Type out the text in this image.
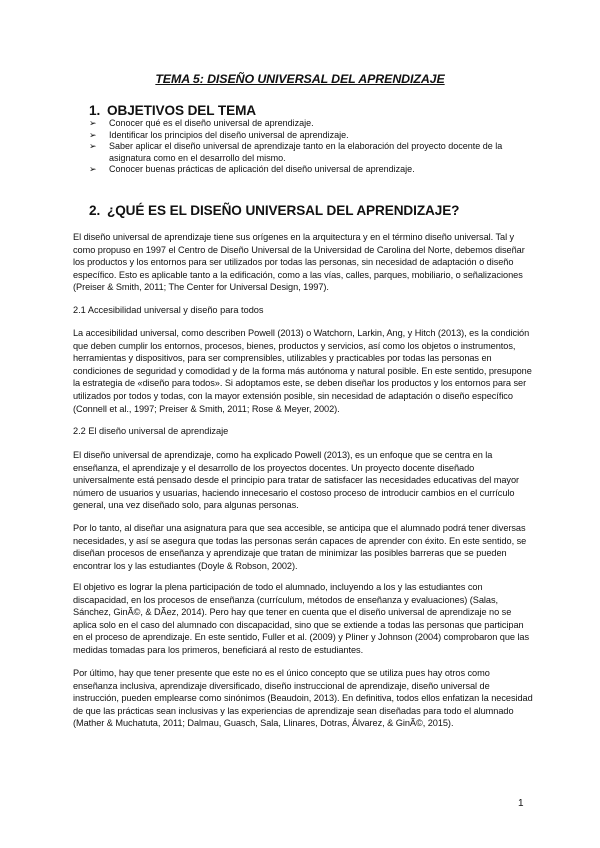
TEMA 5: DISEÑO UNIVERSAL DEL APRENDIZAJE
1. OBJETIVOS DEL TEMA
➢ Conocer qué es el diseño universal de aprendizaje.
➢ Identificar los principios del diseño universal de aprendizaje.
➢ Saber aplicar el diseño universal de aprendizaje tanto en la elaboración del proyecto docente de la asignatura como en el desarrollo del mismo.
➢ Conocer buenas prácticas de aplicación del diseño universal de aprendizaje.
2. ¿QUÉ ES EL DISEÑO UNIVERSAL DEL APRENDIZAJE?

El diseño universal de aprendizaje tiene sus orígenes en la arquitectura y en el término diseño universal. Tal y como propuso en 1997 el Centro de Diseño Universal de la Universidad de Carolina del Norte, debemos diseñar los productos y los entornos para ser utilizados por todas las personas, sin necesidad de adaptación o diseño específico. Esto es aplicable tanto a la edificación, como a las vías, calles, parques, mobiliario, o señalizaciones (Preiser & Smith, 2011; The Center for Universal Design, 1997).

2.1 Accesibilidad universal y diseño para todos

La accesibilidad universal, como describen Powell (2013) o Watchorn, Larkin, Ang, y Hitch (2013), es la condición que deben cumplir los entornos, procesos, bienes, productos y servicios, así como los objetos o instrumentos, herramientas y dispositivos, para ser comprensibles, utilizables y practicables por todas las personas en condiciones de seguridad y comodidad y de la forma más autónoma y natural posible. En este sentido, presupone la estrategia de «diseño para todos». Si adoptamos este, se deben diseñar los productos y los entornos para ser utilizados por todos y todas, con la mayor extensión posible, sin necesidad de adaptación o diseño específico (Connell et al., 1997; Preiser & Smith, 2011; Rose & Meyer, 2002).

2.2 El diseño universal de aprendizaje

El diseño universal de aprendizaje, como ha explicado Powell (2013), es un enfoque que se centra en la enseñanza, el aprendizaje y el desarrollo de los proyectos docentes. Un proyecto docente diseñado universalmente está pensado desde el principio para tratar de satisfacer las necesidades educativas del mayor número de usuarios y usuarias, haciendo innecesario el costoso proceso de introducir cambios en el currículo general, una vez diseñado solo, para algunas personas.

Por lo tanto, al diseñar una asignatura para que sea accesible, se anticipa que el alumnado podrá tener diversas necesidades, y así se asegura que todas las personas serán capaces de aprender con éxito. En este sentido, se diseñan procesos de enseñanza y aprendizaje que tratan de minimizar las posibles barreras que se pueden encontrar los y las estudiantes (Doyle & Robson, 2002).

El objetivo es lograr la plena participación de todo el alumnado, incluyendo a los y las estudiantes con discapacidad, en los procesos de enseñanza (currículum, métodos de enseñanza y evaluaciones) (Salas, Sánchez, GinÃ©, & DÃez, 2014). Pero hay que tener en cuenta que el diseño universal de aprendizaje no se aplica solo en el caso del alumnado con discapacidad, sino que se extiende a todas las personas que participan en el proceso de aprendizaje. En este sentido, Fuller et al. (2009) y Pliner y Johnson (2004) comprobaron que las medidas tomadas para los primeros, beneficiará al resto de estudiantes.

Por último, hay que tener presente que este no es el único concepto que se utiliza pues hay otros como enseñanza inclusiva, aprendizaje diversificado, diseño instruccional de aprendizaje, diseño universal de instrucción, pueden emplearse como sinónimos (Beaudoin, 2013). En definitiva, todos ellos enfatizan la necesidad de que las prácticas sean inclusivas y las experiencias de aprendizaje sean diseñadas para todo el alumnado (Mather & Muchatuta, 2011; Dalmau, Guasch, Sala, Llinares, Dotras, Álvarez, & GinÃ©, 2015).

1
